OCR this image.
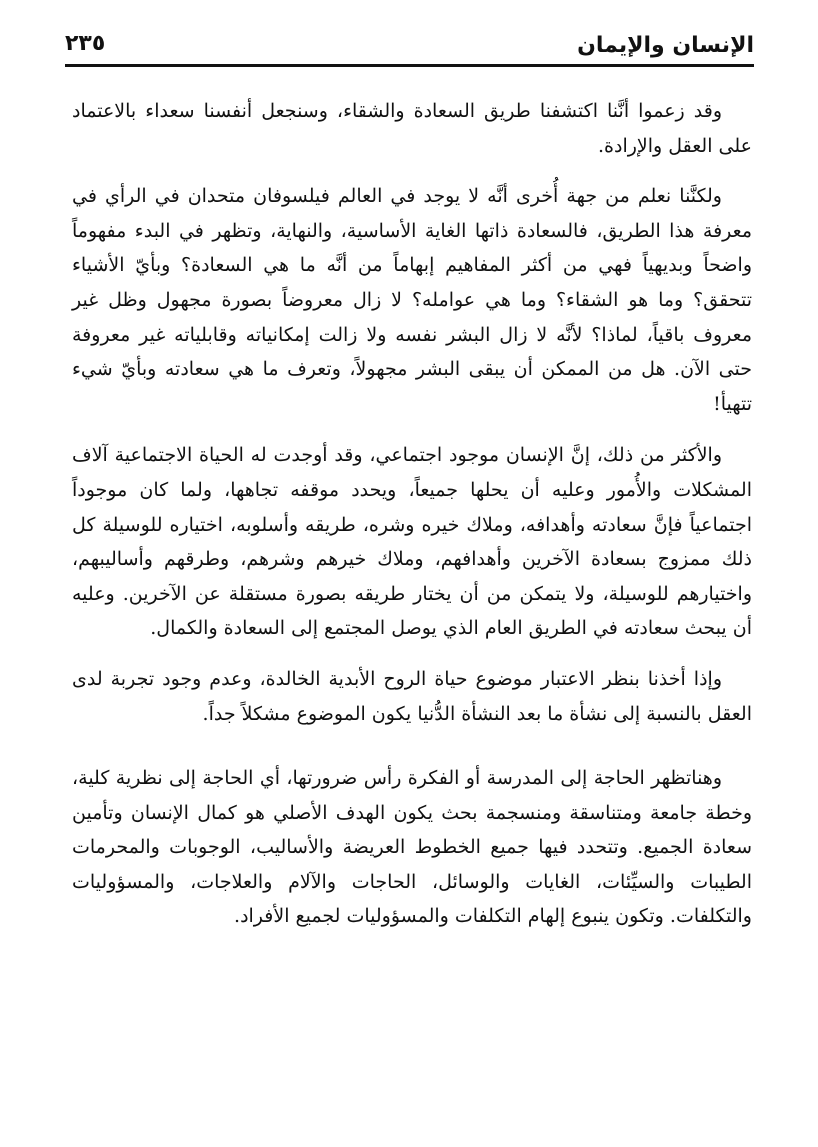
الإنسان والإيمان
٢٣٥

وقد زعموا أنَّنا اكتشفنا طريق السعادة والشقاء، وسنجعل أنفسنا سعداء بالاعتماد على العقل والإرادة.

ولكنَّنا نعلم من جهة أُخرى أنَّه لا يوجد في العالم فيلسوفان متحدان في الرأي في معرفة هذا الطريق، فالسعادة ذاتها الغاية الأساسية، والنهاية، وتظهر في البدء مفهوماً واضحاً وبديهياً فهي من أكثر المفاهيم إبهاماً من أنَّه ما هي السعادة؟ وبأيّ الأشياء تتحقق؟ وما هو الشقاء؟ وما هي عوامله؟ لا زال معروضاً بصورة مجهول وظل غير معروف باقياً، لماذا؟ لأنَّه لا زال البشر نفسه ولا زالت إمكانياته وقابلياته غير معروفة حتى الآن. هل من الممكن أن يبقى البشر مجهولاً، وتعرف ما هي سعادته وبأيّ شيء تتهيأ!

والأكثر من ذلك، إنَّ الإنسان موجود اجتماعي، وقد أوجدت له الحياة الاجتماعية آلاف المشكلات والأُمور وعليه أن يحلها جميعاً، ويحدد موقفه تجاهها، ولما كان موجوداً اجتماعياً فإنَّ سعادته وأهدافه، وملاك خيره وشره، طريقه وأسلوبه، اختياره للوسيلة كل ذلك ممزوج بسعادة الآخرين وأهدافهم، وملاك خيرهم وشرهم، وطرقهم وأساليبهم، واختيارهم للوسيلة، ولا يتمكن من أن يختار طريقه بصورة مستقلة عن الآخرين. وعليه أن يبحث سعادته في الطريق العام الذي يوصل المجتمع إلى السعادة والكمال.

وإذا أخذنا بنظر الاعتبار موضوع حياة الروح الأبدية الخالدة، وعدم وجود تجربة لدى العقل بالنسبة إلى نشأة ما بعد النشأة الدُّنيا يكون الموضوع مشكلاً جداً.

وهناتظهر الحاجة إلى المدرسة أو الفكرة رأس ضرورتها، أي الحاجة إلى نظرية كلية، وخطة جامعة ومتناسقة ومنسجمة بحث يكون الهدف الأصلي هو كمال الإنسان وتأمين سعادة الجميع. وتتحدد فيها جميع الخطوط العريضة والأساليب، الوجوبات والمحرمات الطيبات والسيِّئات، الغايات والوسائل، الحاجات والآلام والعلاجات، والمسؤوليات والتكلفات. وتكون ينبوع إلهام التكلفات والمسؤوليات لجميع الأفراد.
